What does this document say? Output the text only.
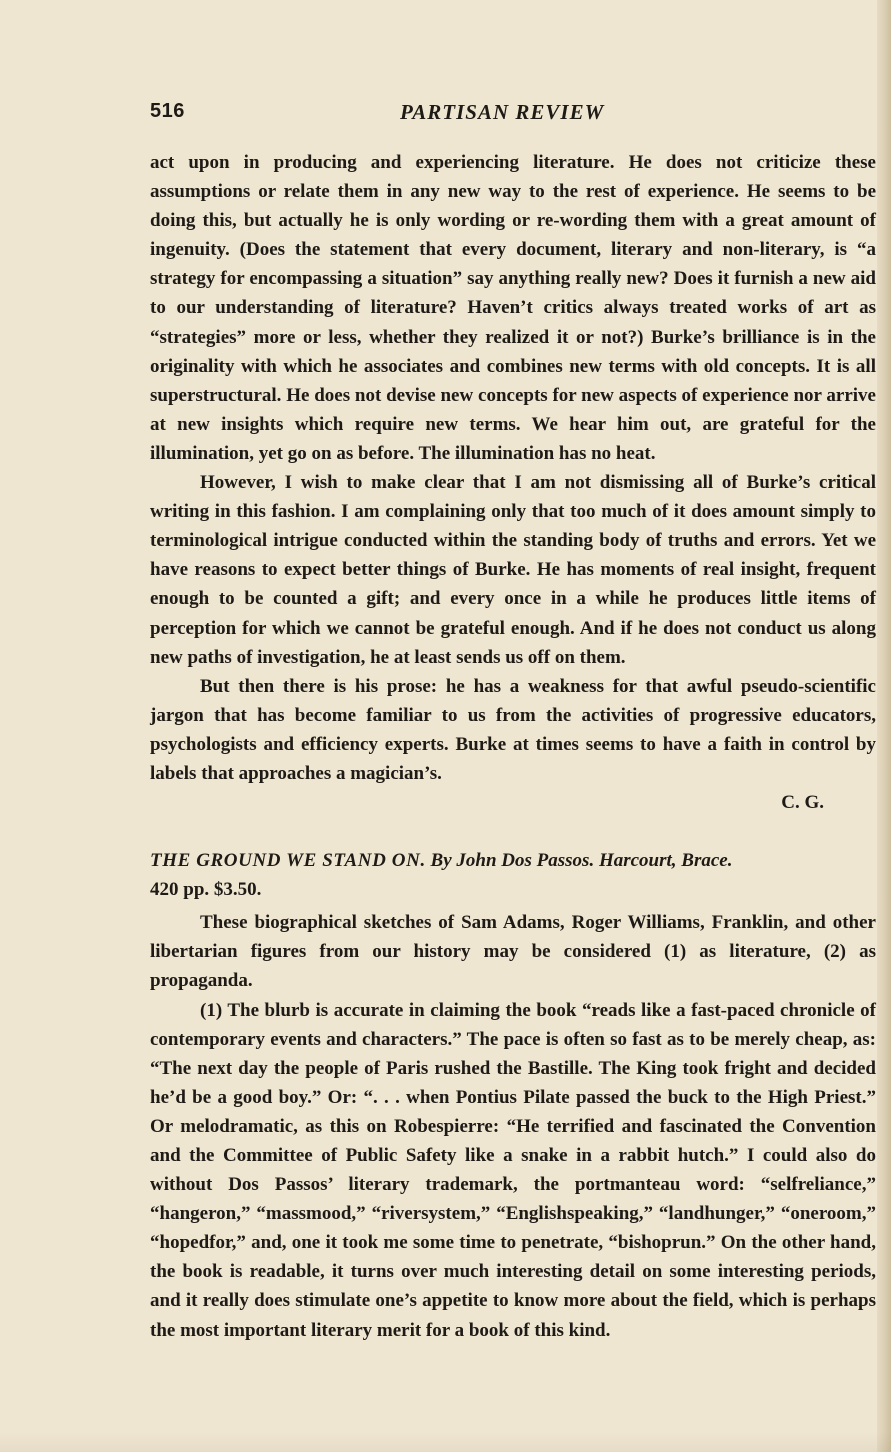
516	PARTISAN REVIEW

act upon in producing and experiencing literature. He does not criticize these assumptions or relate them in any new way to the rest of experience. He seems to be doing this, but actually he is only wording or re-wording them with a great amount of ingenuity. (Does the statement that every document, literary and non-literary, is “a strategy for encompassing a situation” say anything really new? Does it furnish a new aid to our understanding of literature? Haven’t critics always treated works of art as “strategies” more or less, whether they realized it or not?) Burke’s brilliance is in the originality with which he associates and combines new terms with old concepts. It is all superstructural. He does not devise new concepts for new aspects of experience nor arrive at new insights which require new terms. We hear him out, are grateful for the illumination, yet go on as before. The illumination has no heat.

However, I wish to make clear that I am not dismissing all of Burke’s critical writing in this fashion. I am complaining only that too much of it does amount simply to terminological intrigue conducted within the standing body of truths and errors. Yet we have reasons to expect better things of Burke. He has moments of real insight, frequent enough to be counted a gift; and every once in a while he produces little items of perception for which we cannot be grateful enough. And if he does not conduct us along new paths of investigation, he at least sends us off on them.

But then there is his prose: he has a weakness for that awful pseudo-scientific jargon that has become familiar to us from the activities of progressive educators, psychologists and efficiency experts. Burke at times seems to have a faith in control by labels that approaches a magician’s.

C. G.
THE GROUND WE STAND ON. By John Dos Passos. Harcourt, Brace.
420 pp. $3.50.

These biographical sketches of Sam Adams, Roger Williams, Franklin, and other libertarian figures from our history may be considered (1) as literature, (2) as propaganda.

(1) The blurb is accurate in claiming the book “reads like a fast-paced chronicle of contemporary events and characters.” The pace is often so fast as to be merely cheap, as: “The next day the people of Paris rushed the Bastille. The King took fright and decided he’d be a good boy.” Or: “. . . when Pontius Pilate passed the buck to the High Priest.” Or melodramatic, as this on Robespierre: “He terrified and fascinated the Convention and the Committee of Public Safety like a snake in a rabbit hutch.” I could also do without Dos Passos’ literary trademark, the portmanteau word: “selfreliance,” “hangeron,” “massmood,” “riversystem,” “Englishspeaking,” “landhunger,” “oneroom,” “hopedfor,” and, one it took me some time to penetrate, “bishoprun.” On the other hand, the book is readable, it turns over much interesting detail on some interesting periods, and it really does stimulate one’s appetite to know more about the field, which is perhaps the most important literary merit for a book of this kind.
